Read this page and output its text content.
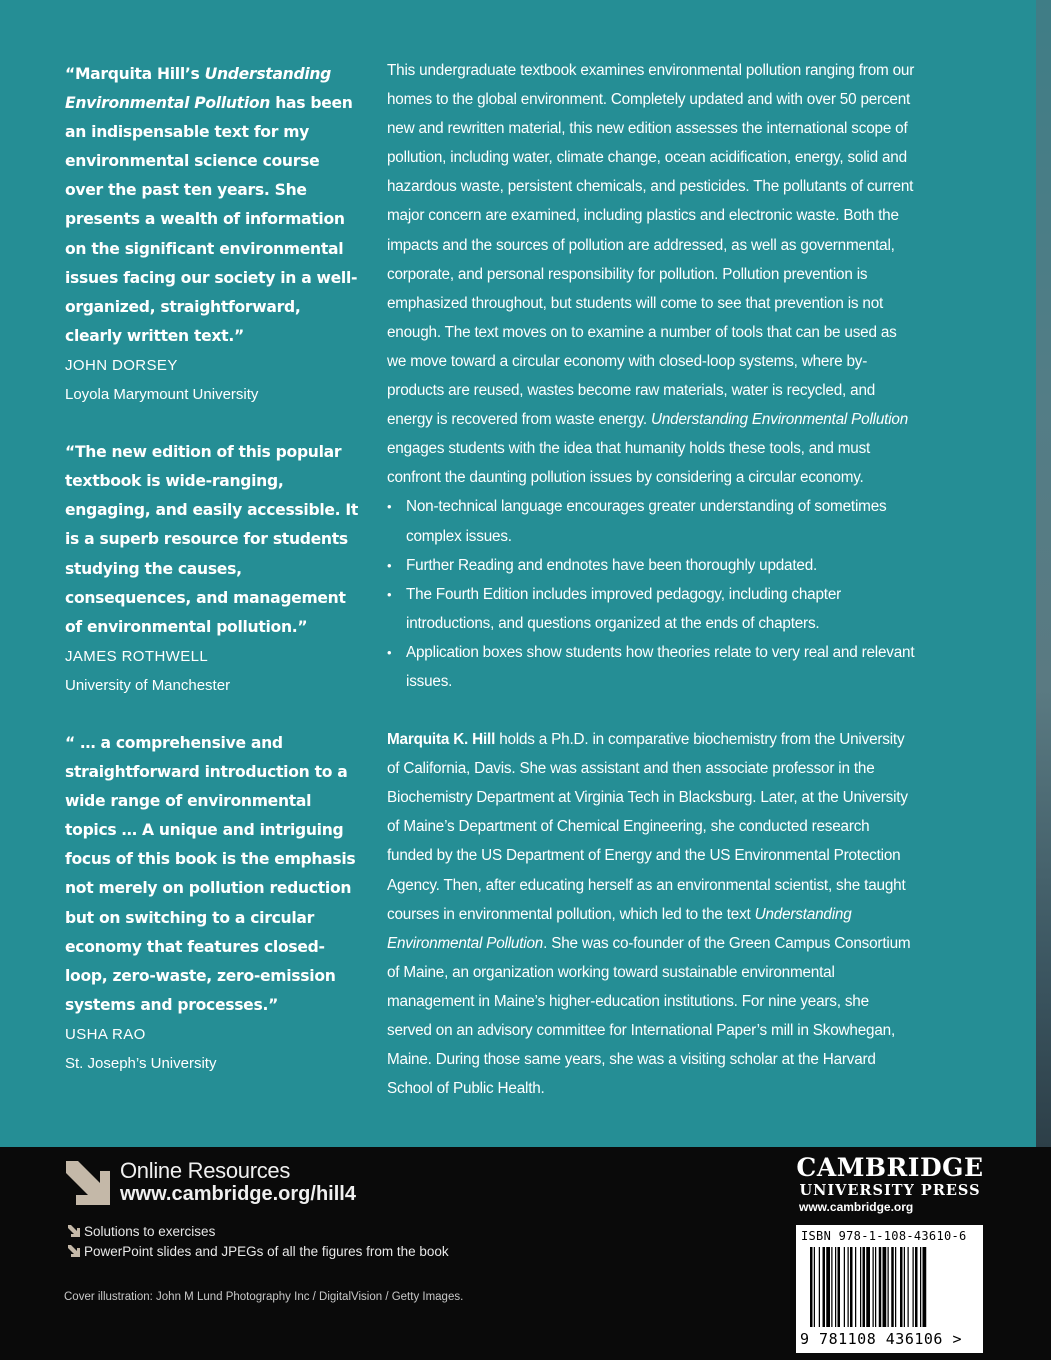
“Marquita Hill’s Understanding Environmental Pollution has been an indispensable text for my environmental science course over the past ten years. She presents a wealth of information on the significant environmental issues facing our society in a well-organized, straightforward, clearly written text.”
JOHN DORSEY
Loyola Marymount University
“The new edition of this popular textbook is wide-ranging, engaging, and easily accessible. It is a superb resource for students studying the causes, consequences, and management of environmental pollution.”
JAMES ROTHWELL
University of Manchester
“ … a comprehensive and straightforward introduction to a wide range of environmental topics … A unique and intriguing focus of this book is the emphasis not merely on pollution reduction but on switching to a circular economy that features closed-loop, zero-waste, zero-emission systems and processes.”
USHA RAO
St. Joseph’s University

This undergraduate textbook examines environmental pollution ranging from our homes to the global environment. Completely updated and with over 50 percent new and rewritten material, this new edition assesses the international scope of pollution, including water, climate change, ocean acidification, energy, solid and hazardous waste, persistent chemicals, and pesticides. The pollutants of current major concern are examined, including plastics and electronic waste. Both the impacts and the sources of pollution are addressed, as well as governmental, corporate, and personal responsibility for pollution. Pollution prevention is emphasized throughout, but students will come to see that prevention is not enough. The text moves on to examine a number of tools that can be used as we move toward a circular economy with closed-loop systems, where by-products are reused, wastes become raw materials, water is recycled, and energy is recovered from waste energy. Understanding Environmental Pollution engages students with the idea that humanity holds these tools, and must confront the daunting pollution issues by considering a circular economy.

• Non-technical language encourages greater understanding of sometimes complex issues.
• Further Reading and endnotes have been thoroughly updated.
• The Fourth Edition includes improved pedagogy, including chapter introductions, and questions organized at the ends of chapters.
• Application boxes show students how theories relate to very real and relevant issues.

Marquita K. Hill holds a Ph.D. in comparative biochemistry from the University of California, Davis. She was assistant and then associate professor in the Biochemistry Department at Virginia Tech in Blacksburg. Later, at the University of Maine’s Department of Chemical Engineering, she conducted research funded by the US Department of Energy and the US Environmental Protection Agency. Then, after educating herself as an environmental scientist, she taught courses in environmental pollution, which led to the text Understanding Environmental Pollution. She was co-founder of the Green Campus Consortium of Maine, an organization working toward sustainable environmental management in Maine’s higher-education institutions. For nine years, she served on an advisory committee for International Paper’s mill in Skowhegan, Maine. During those same years, she was a visiting scholar at the Harvard School of Public Health.

Online Resources
www.cambridge.org/hill4
Solutions to exercises
PowerPoint slides and JPEGs of all the figures from the book
Cover illustration: John M Lund Photography Inc / DigitalVision / Getty Images.
CAMBRIDGE
UNIVERSITY PRESS
www.cambridge.org
ISBN 978-1-108-43610-6
9 781108 436106 >
